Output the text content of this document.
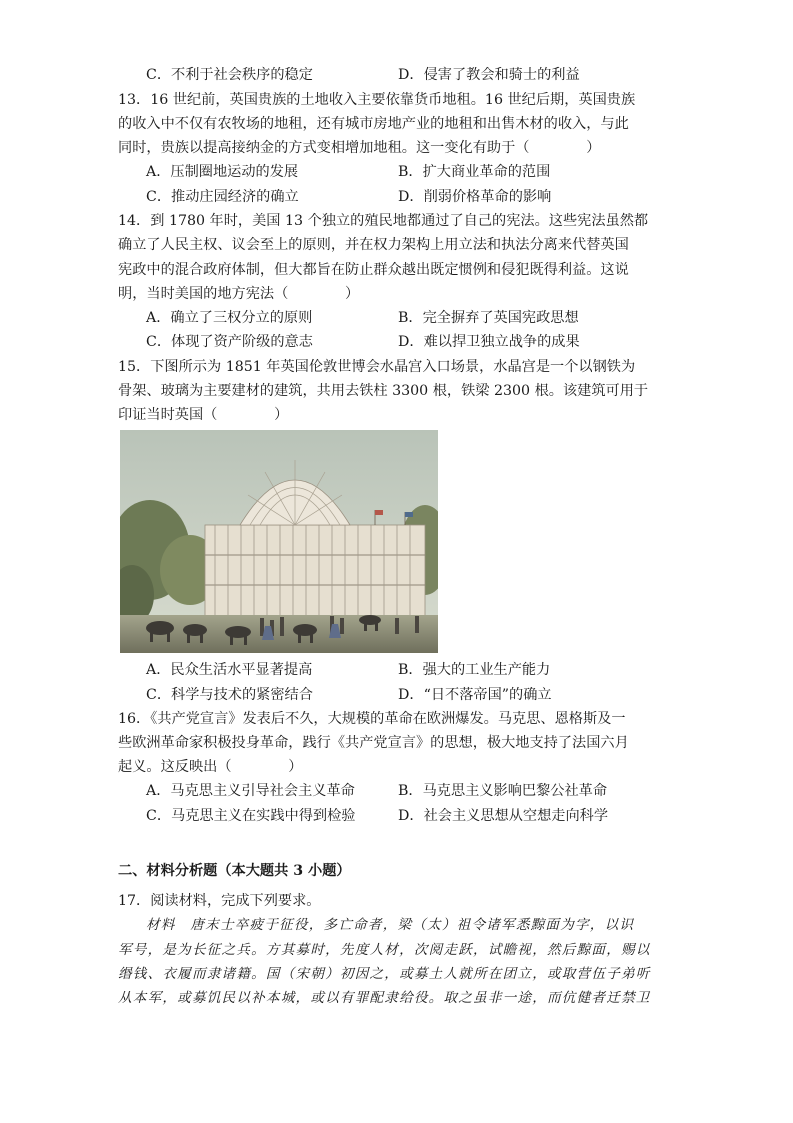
C．不利于社会秩序的稳定	D．侵害了教会和骑士的利益
13．16 世纪前，英国贵族的土地收入主要依靠货币地租。16 世纪后期，英国贵族
的收入中不仅有农牧场的地租，还有城市房地产业的地租和出售木材的收入，与此
同时，贵族以提高接纳金的方式变相增加地租。这一变化有助于（　　　　）
A．压制圈地运动的发展	B．扩大商业革命的范围
C．推动庄园经济的确立	D．削弱价格革命的影响
14．到 1780 年时，美国 13 个独立的殖民地都通过了自己的宪法。这些宪法虽然都
确立了人民主权、议会至上的原则，并在权力架构上用立法和执法分离来代替英国
宪政中的混合政府体制，但大都旨在防止群众越出既定惯例和侵犯既得利益。这说
明，当时美国的地方宪法（　　　　）
A．确立了三权分立的原则	B．完全摒弃了英国宪政思想
C．体现了资产阶级的意志	D．难以捍卫独立战争的成果
15．下图所示为 1851 年英国伦敦世博会水晶宫入口场景，水晶宫是一个以钢铁为
骨架、玻璃为主要建材的建筑，共用去铁柱 3300 根，铁梁 2300 根。该建筑可用于
印证当时英国（　　　　）
A．民众生活水平显著提高	B．强大的工业生产能力
C．科学与技术的紧密结合	D．“日不落帝国”的确立
16．《共产党宣言》发表后不久，大规模的革命在欧洲爆发。马克思、恩格斯及一
些欧洲革命家积极投身革命，践行《共产党宣言》的思想，极大地支持了法国六月
起义。这反映出（　　　　）
A．马克思主义引导社会主义革命	B．马克思主义影响巴黎公社革命
C．马克思主义在实践中得到检验	D．社会主义思想从空想走向科学
二、材料分析题（本大题共 3 小题）
17．阅读材料，完成下列要求。
材料　唐末士卒疲于征役，多亡命者，梁（太）祖令诸军悉黥面为字，以识
军号，是为长征之兵。方其募时，先度人材，次阅走跃，试瞻视，然后黥面，赐以
缗钱、衣履而隶诸籍。国（宋朝）初因之，或募土人就所在团立，或取营伍子弟听
从本军，或募饥民以补本城，或以有罪配隶给役。取之虽非一途，而伉健者迁禁卫
